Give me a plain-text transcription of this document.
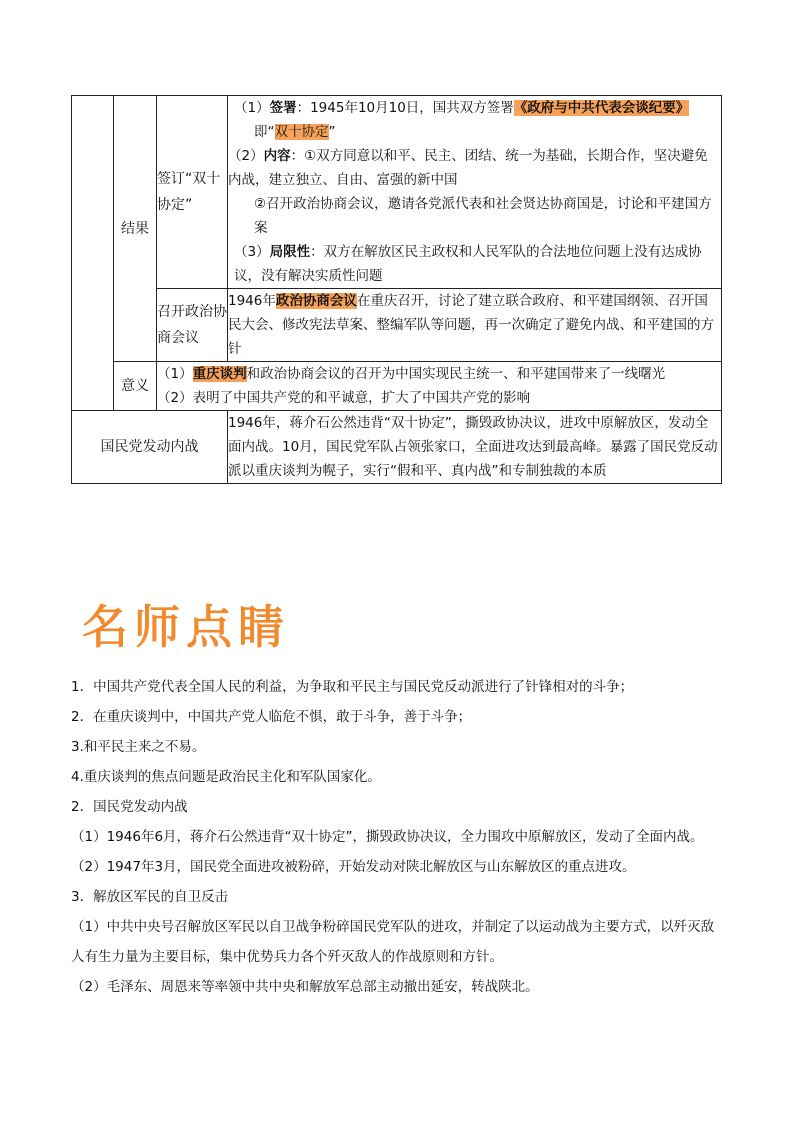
	结果	签订“双十协定”	（1）签署：1945年10月10日，国共双方签署《政府与中共代表会谈纪要》
即“双十协定”
（2）内容：①双方同意以和平、民主、团结、统一为基础，长期合作，坚决避免内战，建立独立、自由、富强的新中国
②召开政治协商会议，邀请各党派代表和社会贤达协商国是，讨论和平建国方案
（3）局限性：双方在解放区民主政权和人民军队的合法地位问题上没有达成协议，没有解决实质性问题

		召开政治协商会议	1946年政治协商会议在重庆召开，讨论了建立联合政府、和平建国纲领、召开国民大会、修改宪法草案、整编军队等问题，再一次确定了避免内战、和平建国的方针
	意义	（1）重庆谈判和政治协商会议的召开为中国实现民主统一、和平建国带来了一线曙光
（2）表明了中国共产党的和平诚意，扩大了中国共产党的影响	

国民党发动内战			1946年，蒋介石公然违背“双十协定”，撕毁政协决议，进攻中原解放区，发动全面内战。10月，国民党军队占领张家口，全面进攻达到最高峰。暴露了国民党反动派以重庆谈判为幌子，实行“假和平、真内战”和专制独裁的本质
名师点睛

1．中国共产党代表全国人民的利益，为争取和平民主与国民党反动派进行了针锋相对的斗争；

2．在重庆谈判中，中国共产党人临危不惧，敢于斗争，善于斗争；

3.和平民主来之不易。

4.重庆谈判的焦点问题是政治民主化和军队国家化。

2．国民党发动内战

（1）1946年6月，蒋介石公然违背“双十协定”，撕毁政协决议，全力围攻中原解放区，发动了全面内战。

（2）1947年3月，国民党全面进攻被粉碎，开始发动对陕北解放区与山东解放区的重点进攻。

3．解放区军民的自卫反击

（1）中共中央号召解放区军民以自卫战争粉碎国民党军队的进攻，并制定了以运动战为主要方式，以歼灭敌人有生力量为主要目标，集中优势兵力各个歼灭敌人的作战原则和方针。

（2）毛泽东、周恩来等率领中共中央和解放军总部主动撤出延安，转战陕北。
